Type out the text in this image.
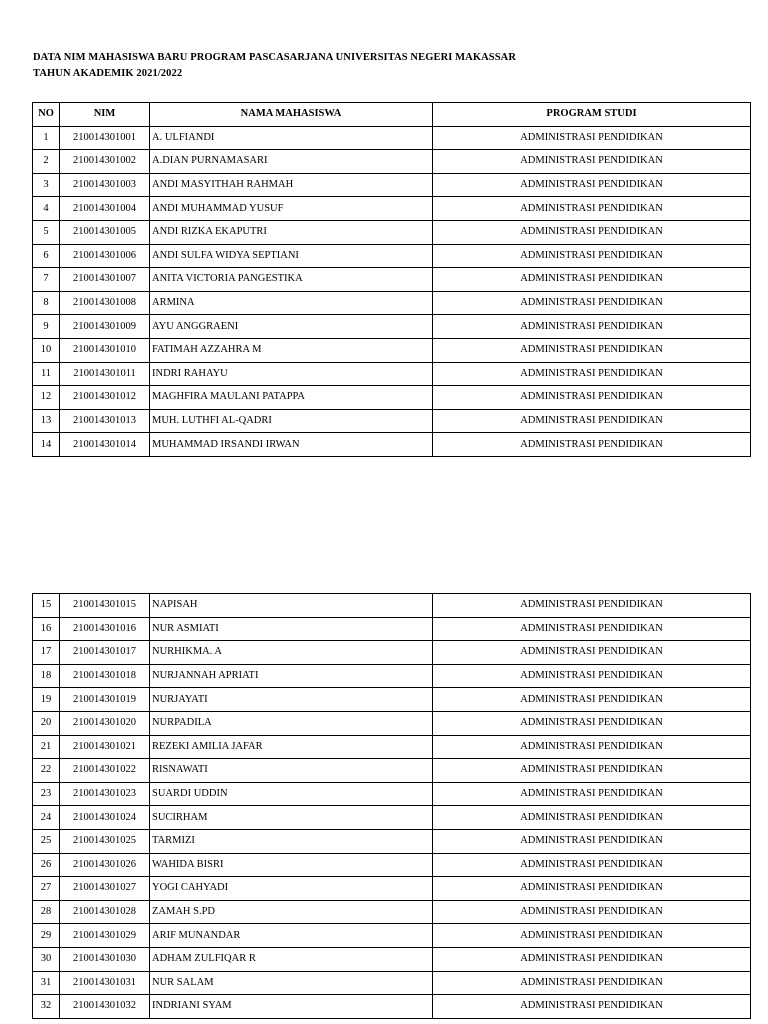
DATA NIM MAHASISWA BARU PROGRAM PASCASARJANA UNIVERSITAS NEGERI MAKASSAR
TAHUN AKADEMIK 2021/2022
NO	NIM	NAMA MAHASISWA	PROGRAM STUDI
1	210014301001	A. ULFIANDI	ADMINISTRASI PENDIDIKAN
2	210014301002	A.DIAN PURNAMASARI	ADMINISTRASI PENDIDIKAN
3	210014301003	ANDI MASYITHAH RAHMAH	ADMINISTRASI PENDIDIKAN
4	210014301004	ANDI MUHAMMAD YUSUF	ADMINISTRASI PENDIDIKAN
5	210014301005	ANDI RIZKA EKAPUTRI	ADMINISTRASI PENDIDIKAN
6	210014301006	ANDI SULFA WIDYA SEPTIANI	ADMINISTRASI PENDIDIKAN
7	210014301007	ANITA VICTORIA PANGESTIKA	ADMINISTRASI PENDIDIKAN
8	210014301008	ARMINA	ADMINISTRASI PENDIDIKAN
9	210014301009	AYU ANGGRAENI	ADMINISTRASI PENDIDIKAN
10	210014301010	FATIMAH AZZAHRA M	ADMINISTRASI PENDIDIKAN
11	210014301011	INDRI RAHAYU	ADMINISTRASI PENDIDIKAN
12	210014301012	MAGHFIRA MAULANI PATAPPA	ADMINISTRASI PENDIDIKAN
13	210014301013	MUH. LUTHFI AL-QADRI	ADMINISTRASI PENDIDIKAN
14	210014301014	MUHAMMAD IRSANDI IRWAN	ADMINISTRASI PENDIDIKAN
15	210014301015	NAPISAH	ADMINISTRASI PENDIDIKAN
16	210014301016	NUR ASMIATI	ADMINISTRASI PENDIDIKAN
17	210014301017	NURHIKMA. A	ADMINISTRASI PENDIDIKAN
18	210014301018	NURJANNAH APRIATI	ADMINISTRASI PENDIDIKAN
19	210014301019	NURJAYATI	ADMINISTRASI PENDIDIKAN
20	210014301020	NURPADILA	ADMINISTRASI PENDIDIKAN
21	210014301021	REZEKI AMILIA JAFAR	ADMINISTRASI PENDIDIKAN
22	210014301022	RISNAWATI	ADMINISTRASI PENDIDIKAN
23	210014301023	SUARDI UDDIN	ADMINISTRASI PENDIDIKAN
24	210014301024	SUCIRHAM	ADMINISTRASI PENDIDIKAN
25	210014301025	TARMIZI	ADMINISTRASI PENDIDIKAN
26	210014301026	WAHIDA BISRI	ADMINISTRASI PENDIDIKAN
27	210014301027	YOGI CAHYADI	ADMINISTRASI PENDIDIKAN
28	210014301028	ZAMAH S.PD	ADMINISTRASI PENDIDIKAN
29	210014301029	ARIF MUNANDAR	ADMINISTRASI PENDIDIKAN
30	210014301030	ADHAM ZULFIQAR R	ADMINISTRASI PENDIDIKAN
31	210014301031	NUR SALAM	ADMINISTRASI PENDIDIKAN
32	210014301032	INDRIANI SYAM	ADMINISTRASI PENDIDIKAN
